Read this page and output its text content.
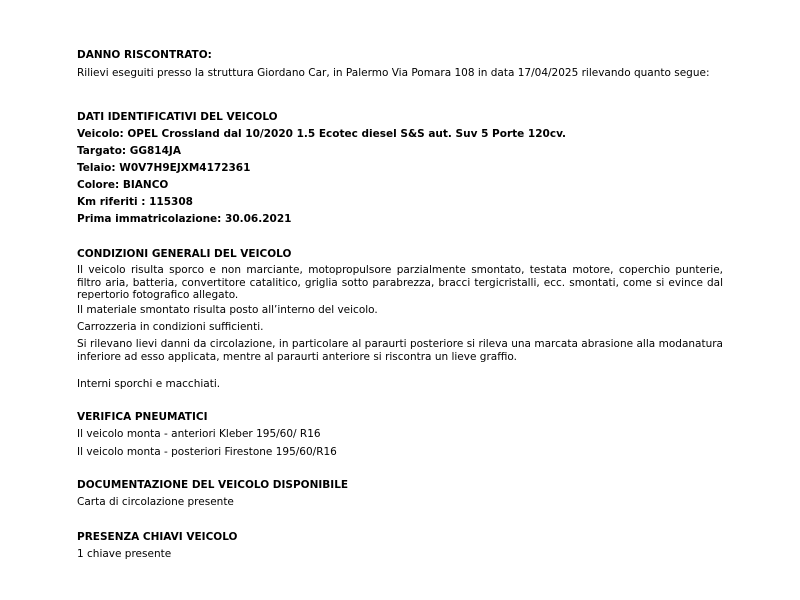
DANNO RISCONTRATO:

Rilievi eseguiti presso la struttura Giordano Car, in Palermo Via Pomara 108 in data 17/04/2025 rilevando quanto segue:

DATI IDENTIFICATIVI DEL VEICOLO

Veicolo: OPEL Crossland dal 10/2020 1.5 Ecotec diesel S&S aut. Suv 5 Porte 120cv.

Targato: GG814JA

Telaio: W0V7H9EJXM4172361

Colore: BIANCO

Km riferiti : 115308

Prima immatricolazione: 30.06.2021

CONDIZIONI GENERALI DEL VEICOLO

Il veicolo risulta sporco e non marciante, motopropulsore parzialmente smontato, testata motore, coperchio punterie, filtro aria, batteria, convertitore catalitico, griglia sotto parabrezza, bracci tergicristalli, ecc. smontati, come si evince dal repertorio fotografico allegato.

Il materiale smontato risulta posto all’interno del veicolo.

Carrozzeria in condizioni sufficienti.

Si rilevano lievi danni da circolazione, in particolare al paraurti posteriore si rileva una marcata abrasione alla modanatura inferiore ad esso applicata, mentre al paraurti anteriore si riscontra un lieve graffio.

Interni sporchi e macchiati.

VERIFICA PNEUMATICI

Il veicolo monta - anteriori Kleber 195/60/ R16

Il veicolo monta - posteriori Firestone 195/60/R16

DOCUMENTAZIONE DEL VEICOLO DISPONIBILE

Carta di circolazione presente

PRESENZA CHIAVI VEICOLO

1 chiave presente
